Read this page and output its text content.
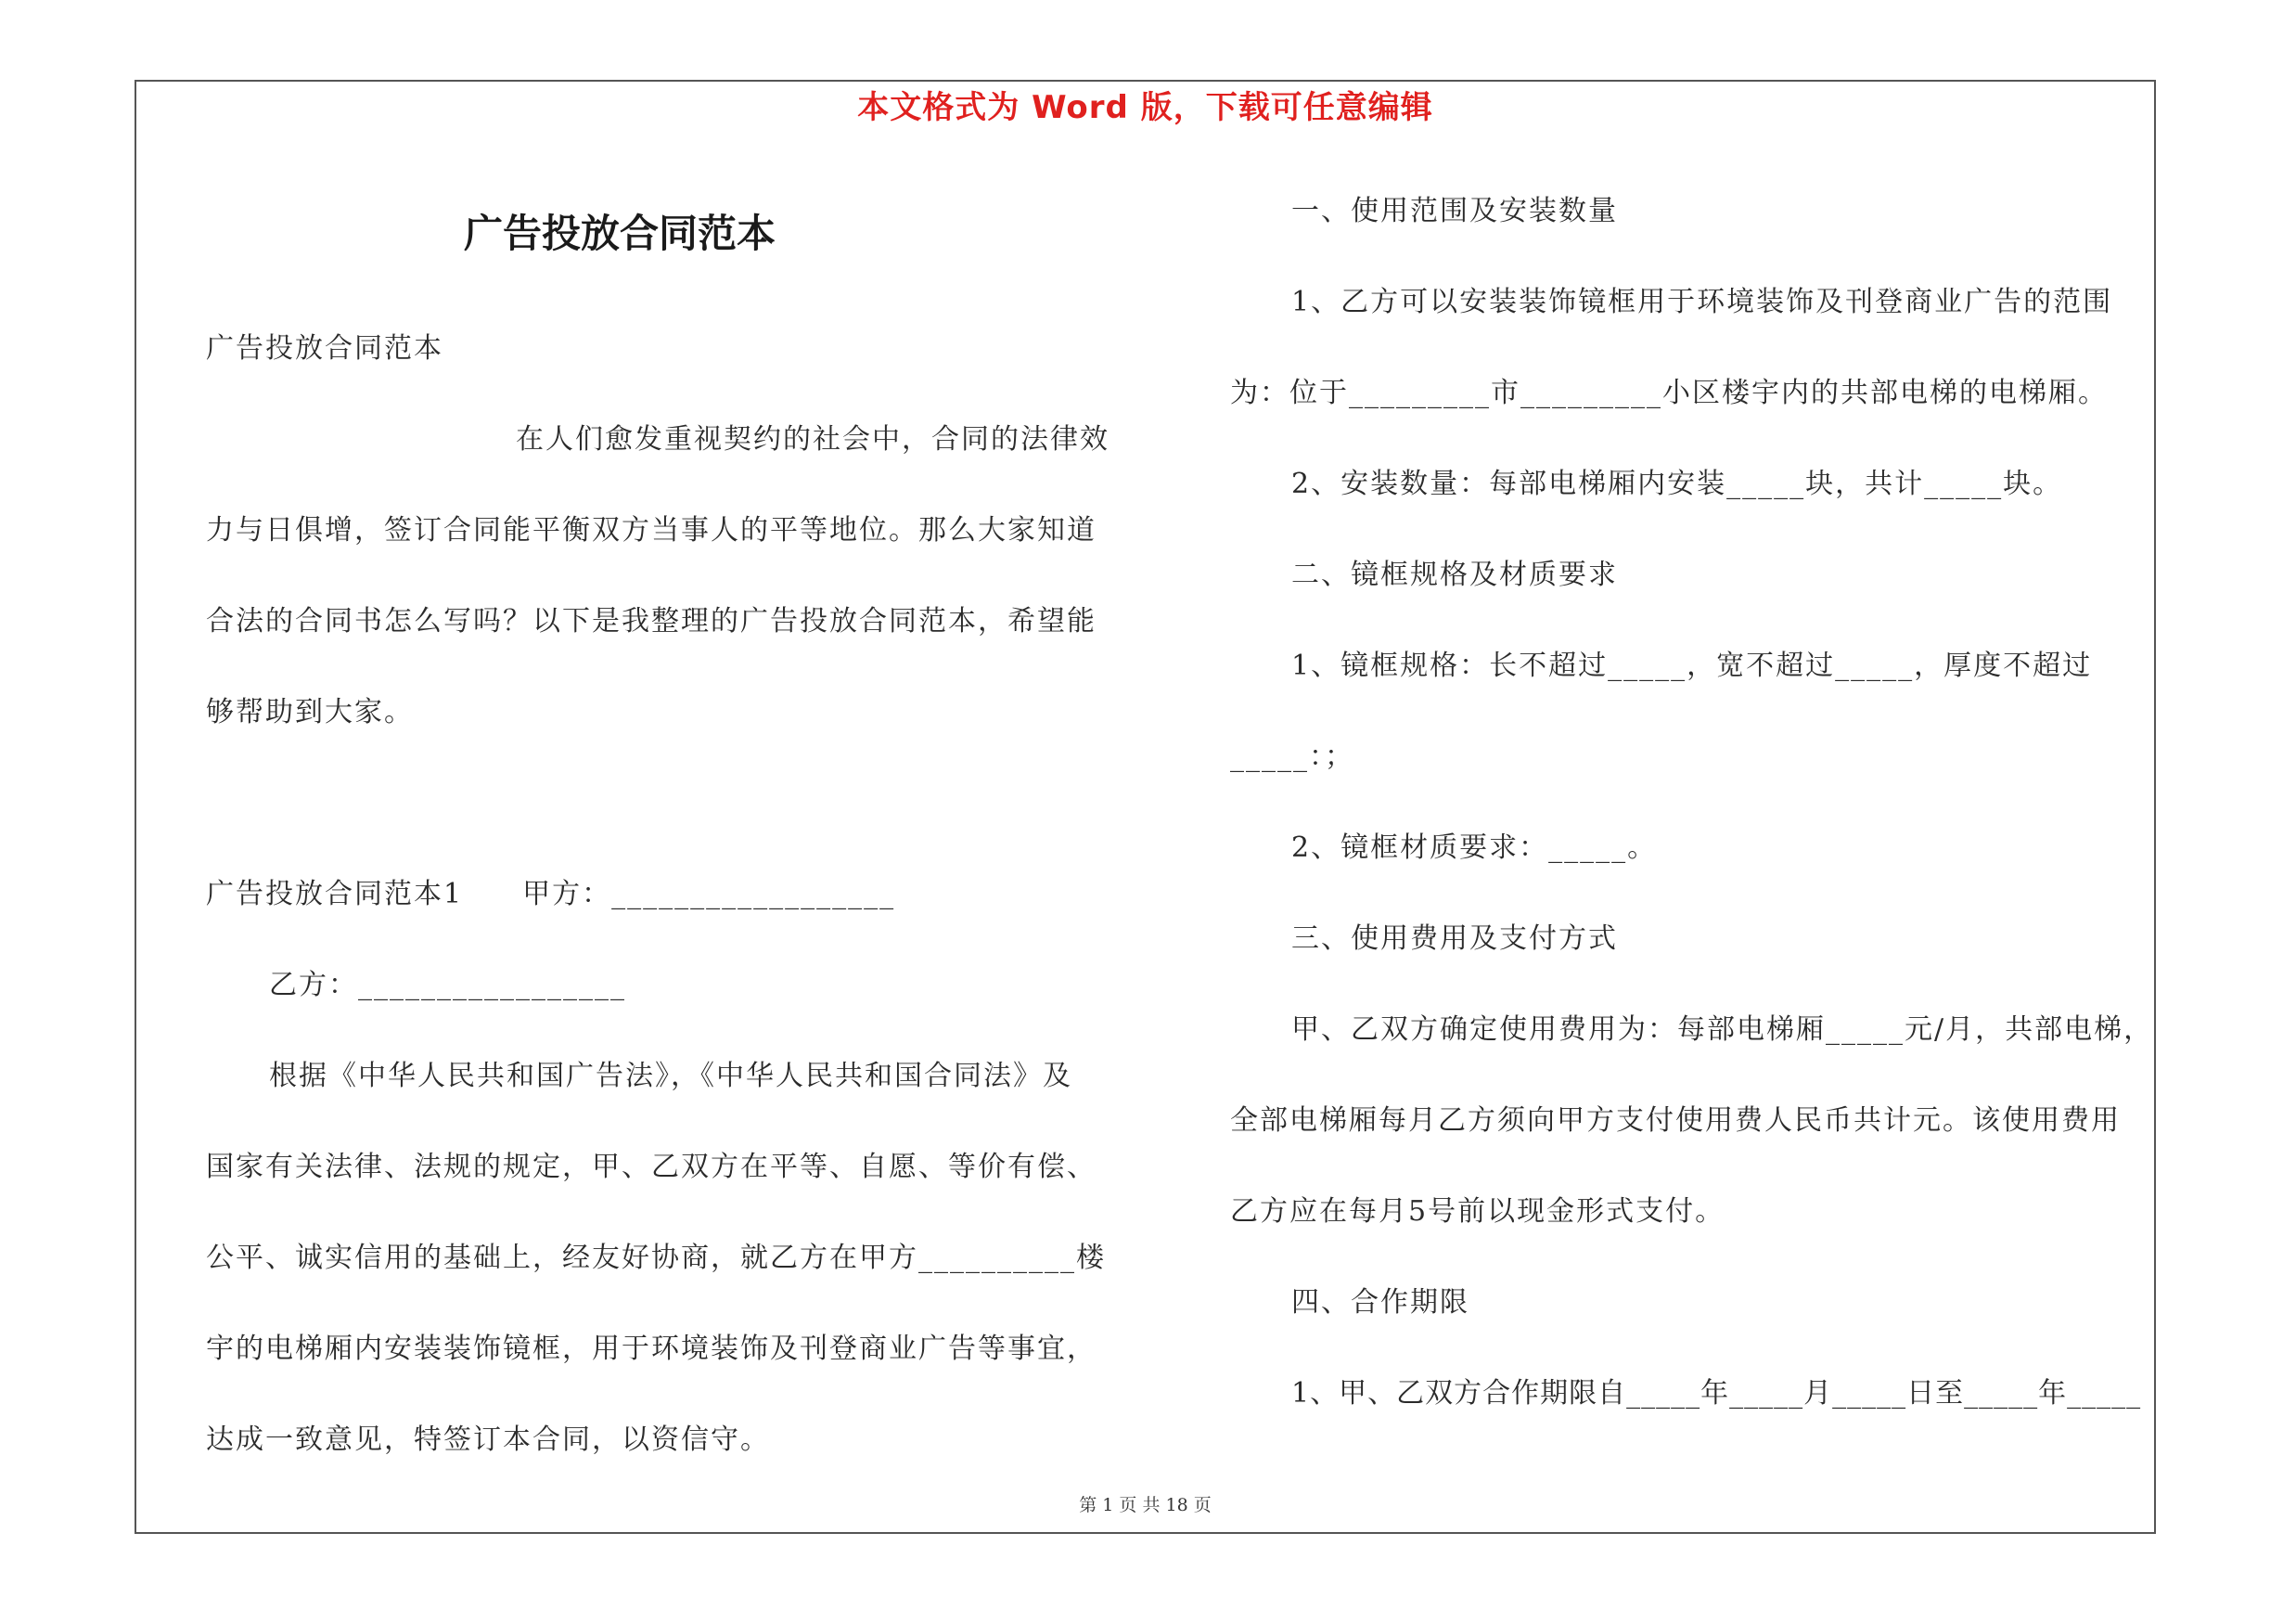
本文格式为 Word 版，下载可任意编辑
广告投放合同范本
广告投放合同范本
在人们愈发重视契约的社会中，合同的法律效
力与日俱增，签订合同能平衡双方当事人的平等地位。那么大家知道
合法的合同书怎么写吗？以下是我整理的广告投放合同范本，希望能
够帮助到大家。
广告投放合同范本1　　甲方：__________________
乙方：_________________
根据《中华人民共和国广告法》，《中华人民共和国合同法》及
国家有关法律、法规的规定，甲、乙双方在平等、自愿、等价有偿、
公平、诚实信用的基础上，经友好协商，就乙方在甲方__________楼
宇的电梯厢内安装装饰镜框，用于环境装饰及刊登商业广告等事宜，
达成一致意见，特签订本合同，以资信守。
一、使用范围及安装数量
1、乙方可以安装装饰镜框用于环境装饰及刊登商业广告的范围
为：位于_________市_________小区楼宇内的共部电梯的电梯厢。
2、安装数量：每部电梯厢内安装_____块，共计_____块。
二、镜框规格及材质要求
1、镜框规格：长不超过_____，宽不超过_____，厚度不超过
_____：；
2、镜框材质要求：_____。
三、使用费用及支付方式
甲、乙双方确定使用费用为：每部电梯厢_____元/月，共部电梯，
全部电梯厢每月乙方须向甲方支付使用费人民币共计元。该使用费用
乙方应在每月5号前以现金形式支付。
四、合作期限
1、甲、乙双方合作期限自_____年_____月_____日至_____年_____
第 1 页 共 18 页
